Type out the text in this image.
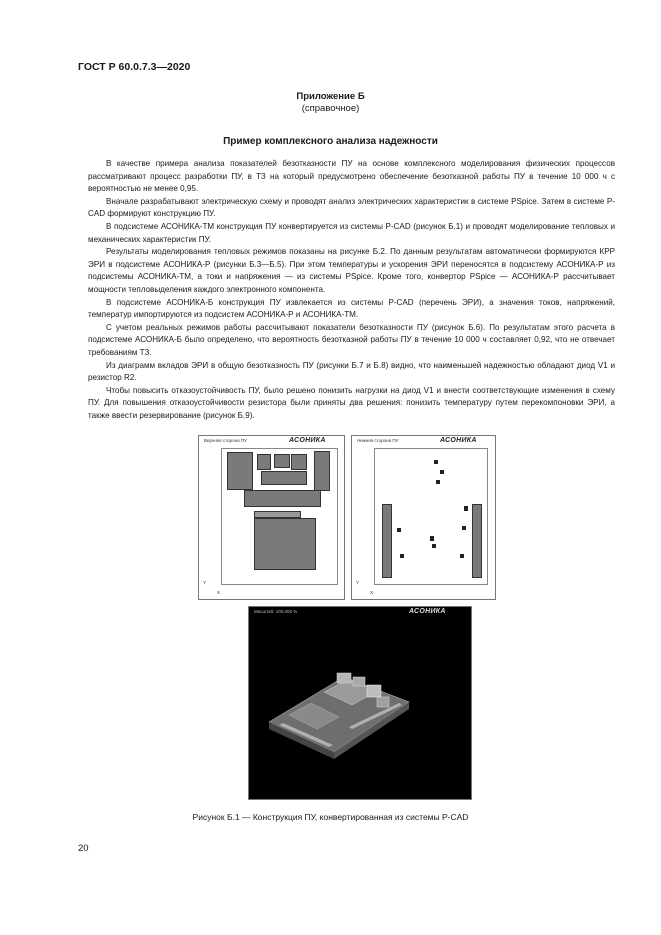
ГОСТ Р 60.0.7.3—2020
Приложение Б
(справочное)
Пример комплексного анализа надежности

В качестве примера анализа показателей безотказности ПУ на основе комплексного моделирования физических процессов рассматривают процесс разработки ПУ, в ТЗ на который предусмотрено обеспечение безотказной работы ПУ в течение 10 000 ч с вероятностью не менее 0,95.

Вначале разрабатывают электрическую схему и проводят анализ электрических характеристик в системе PSpice. Затем в системе P-CAD формируют конструкцию ПУ.

В подсистеме АСОНИКА-ТМ конструкция ПУ конвертируется из системы P-CAD (рисунок Б.1) и проводят моделирование тепловых и механических характеристик ПУ.

Результаты моделирования тепловых режимов показаны на рисунке Б.2. По данным результатам автоматически формируются КРР ЭРИ в подсистеме АСОНИКА-Р (рисунки Б.3—Б.5). При этом температуры и ускорения ЭРИ переносятся в подсистему АСОНИКА-Р из подсистемы АСОНИКА-ТМ, а токи и напряжения — из системы PSpice. Кроме того, конвертор PSpice — АСОНИКА-Р рассчитывает мощности тепловыделения каждого электронного компонента.

В подсистеме АСОНИКА-Б конструкция ПУ извлекается из системы P-CAD (перечень ЭРИ), а значения токов, напряжений, температур импортируются из подсистем АСОНИКА-Р и АСОНИКА-ТМ.

С учетом реальных режимов работы рассчитывают показатели безотказности ПУ (рисунок Б.6). По результатам этого расчета в подсистеме АСОНИКА-Б было определено, что вероятность безотказной работы ПУ в течение 10 000 ч составляет 0,92, что не отвечает требованиям ТЗ.

Из диаграмм вкладов ЭРИ в общую безотказность ПУ (рисунки Б.7 и Б.8) видно, что наименьшей надежностью обладают диод V1 и резистор R2.

Чтобы повысить отказоустойчивость ПУ, было решено понизить нагрузки на диод V1 и внести соответствующие изменения в схему ПУ. Для повышения отказоустойчивости резистора были приняты два решения: понизить температуру путем перекомпоновки ЭРИ, а также ввести резервирование (рисунок Б.9).

Верхняя сторона ПУ	АСОНИКА
X
Y
Нижняя сторона ПУ	АСОНИКА
X
Y
Масштаб: 100,000 %	АСОНИКА
Рисунок Б.1 — Конструкция ПУ, конвертированная из системы P-CAD
20
